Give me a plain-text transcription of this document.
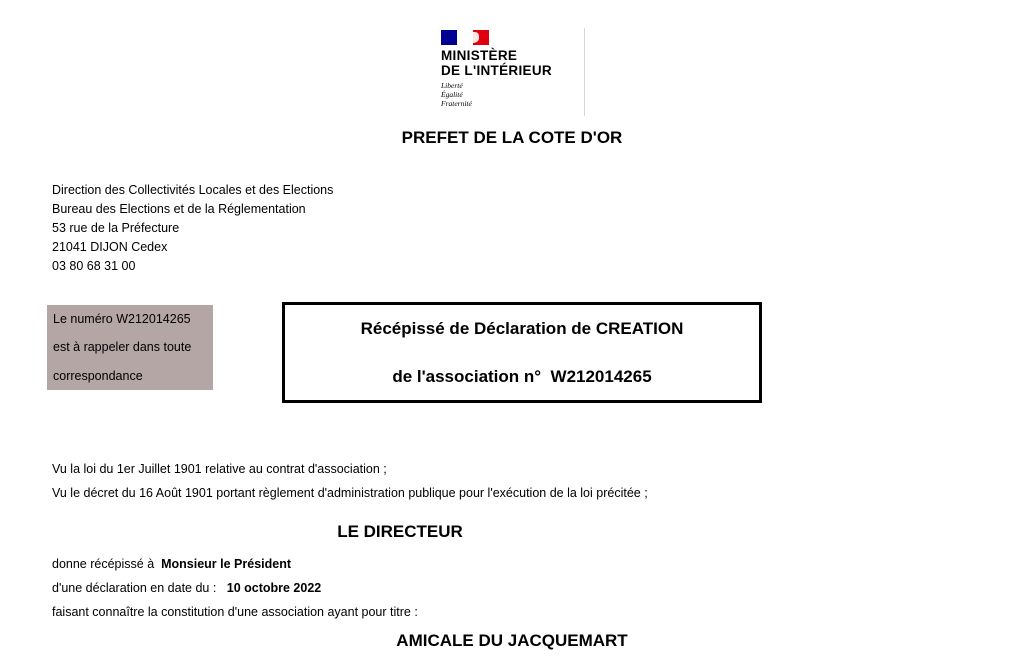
MINISTÈRE
DE L'INTÉRIEUR
Liberté
Égalité
Fraternité
PREFET DE LA COTE D'OR
Direction des Collectivités Locales et des Elections
Bureau des Elections et de la Réglementation
53 rue de la Préfecture
21041 DIJON Cedex
03 80 68 31 00
Le numéro W212014265
est à rappeler dans toute
correspondance
Récépissé de Déclaration de CREATION
de l'association n°  W212014265
Vu la loi du 1er Juillet 1901 relative au contrat d'association ;
Vu le décret du 16 Août 1901 portant règlement d'administration publique pour l'exécution de la loi précitée ;
LE DIRECTEUR
donne récépissé à Monsieur le Président
d'une déclaration en date du : 10 octobre 2022
faisant connaître la constitution d'une association ayant pour titre :
AMICALE DU JACQUEMART
